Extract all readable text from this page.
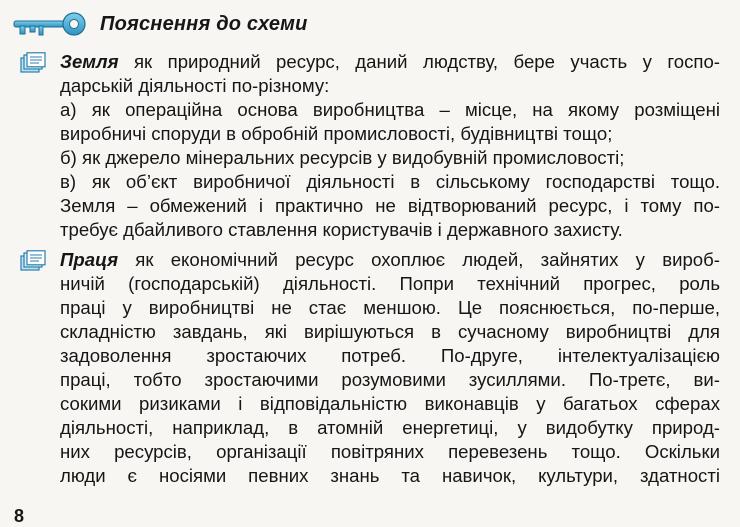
Пояснення до схеми
Земля як природний ресурс, даний людству, бере участь у госпо-
дарській діяльності по-різному:
а) як операційна основа виробництва – місце, на якому розміщені
виробничі споруди в обробній промисловості, будівництві тощо;
б) як джерело мінеральних ресурсів у видобувній промисловості;
в) як об’єкт виробничої діяльності в сільському господарстві тощо.
Земля – обмежений і практично не відтворюваний ресурс, і тому по-
требує дбайливого ставлення користувачів і державного захисту.
Праця як економічний ресурс охоплює людей, зайнятих у вироб-
ничій (господарській) діяльності. Попри технічний прогрес, роль
праці у виробництві не стає меншою. Це пояснюється, по-перше,
складністю завдань, які вирішуються в сучасному виробництві для
задоволення зростаючих потреб. По-друге, інтелектуалізацією
праці, тобто зростаючими розумовими зусиллями. По-третє, ви-
сокими ризиками і відповідальністю виконавців у багатьох сферах
діяльності, наприклад, в атомній енергетиці, у видобутку природ-
них ресурсів, організації повітряних перевезень тощо. Оскільки
люди є носіями певних знань та навичок, культури, здатності
8
